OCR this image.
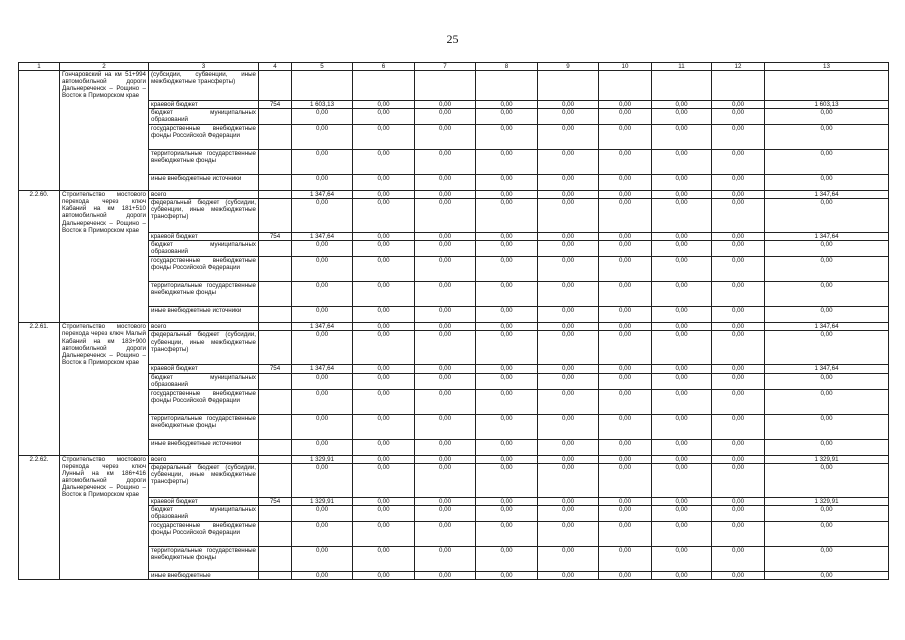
25
1	2	3	4	5	6	7	8	9	10	11	12	13
	Гончаровский на км 51+994 автомобильной дороги Дальнереченск – Рощино – Восток в Приморском крае	(субсидии, субвенции, иные межбюджетные трансферты)										
		краевой бюджет	754	1 603,13	0,00	0,00	0,00	0,00	0,00	0,00	0,00	1 603,13
		бюджет муниципальных образований		0,00	0,00	0,00	0,00	0,00	0,00	0,00	0,00	0,00
		государственные внебюджетные фонды Российской Федерации		0,00	0,00	0,00	0,00	0,00	0,00	0,00	0,00	0,00
		территориальные государственные внебюджетные фонды		0,00	0,00	0,00	0,00	0,00	0,00	0,00	0,00	0,00
		иные внебюджетные источники		0,00	0,00	0,00	0,00	0,00	0,00	0,00	0,00	0,00
2.2.60.	Строительство мостового перехода через ключ Кабаний на км 181+510 автомобильной дороги Дальнереченск – Рощино – Восток в Приморском крае	всего		1 347,64	0,00	0,00	0,00	0,00	0,00	0,00	0,00	1 347,64
		федеральный бюджет (субсидии, субвенции, иные межбюджетные трансферты)		0,00	0,00	0,00	0,00	0,00	0,00	0,00	0,00	0,00
		краевой бюджет	754	1 347,64	0,00	0,00	0,00	0,00	0,00	0,00	0,00	1 347,64
		бюджет муниципальных образований		0,00	0,00	0,00	0,00	0,00	0,00	0,00	0,00	0,00
		государственные внебюджетные фонды Российской Федерации		0,00	0,00	0,00	0,00	0,00	0,00	0,00	0,00	0,00
		территориальные государственные внебюджетные фонды		0,00	0,00	0,00	0,00	0,00	0,00	0,00	0,00	0,00
		иные внебюджетные источники		0,00	0,00	0,00	0,00	0,00	0,00	0,00	0,00	0,00
2.2.61.	Строительство мостового перехода через ключ Малый Кабаний на км 183+900 автомобильной дороги Дальнереченск – Рощино – Восток в Приморском крае	всего		1 347,64	0,00	0,00	0,00	0,00	0,00	0,00	0,00	1 347,64
		федеральный бюджет (субсидии, субвенции, иные межбюджетные трансферты)		0,00	0,00	0,00	0,00	0,00	0,00	0,00	0,00	0,00
		краевой бюджет	754	1 347,64	0,00	0,00	0,00	0,00	0,00	0,00	0,00	1 347,64
		бюджет муниципальных образований		0,00	0,00	0,00	0,00	0,00	0,00	0,00	0,00	0,00
		государственные внебюджетные фонды Российской Федерации		0,00	0,00	0,00	0,00	0,00	0,00	0,00	0,00	0,00
		территориальные государственные внебюджетные фонды		0,00	0,00	0,00	0,00	0,00	0,00	0,00	0,00	0,00
		иные внебюджетные источники		0,00	0,00	0,00	0,00	0,00	0,00	0,00	0,00	0,00
2.2.62.	Строительство мостового перехода через ключ Лунный на км 186+416 автомобильной дороги Дальнереченск – Рощино – Восток в Приморском крае	всего		1 329,91	0,00	0,00	0,00	0,00	0,00	0,00	0,00	1 329,91
		федеральный бюджет (субсидии, субвенции, иные межбюджетные трансферты)		0,00	0,00	0,00	0,00	0,00	0,00	0,00	0,00	0,00
		краевой бюджет	754	1 329,91	0,00	0,00	0,00	0,00	0,00	0,00	0,00	1 329,91
		бюджет муниципальных образований		0,00	0,00	0,00	0,00	0,00	0,00	0,00	0,00	0,00
		государственные внебюджетные фонды Российской Федерации		0,00	0,00	0,00	0,00	0,00	0,00	0,00	0,00	0,00
		территориальные государственные внебюджетные фонды		0,00	0,00	0,00	0,00	0,00	0,00	0,00	0,00	0,00
		иные внебюджетные		0,00	0,00	0,00	0,00	0,00	0,00	0,00	0,00	0,00
